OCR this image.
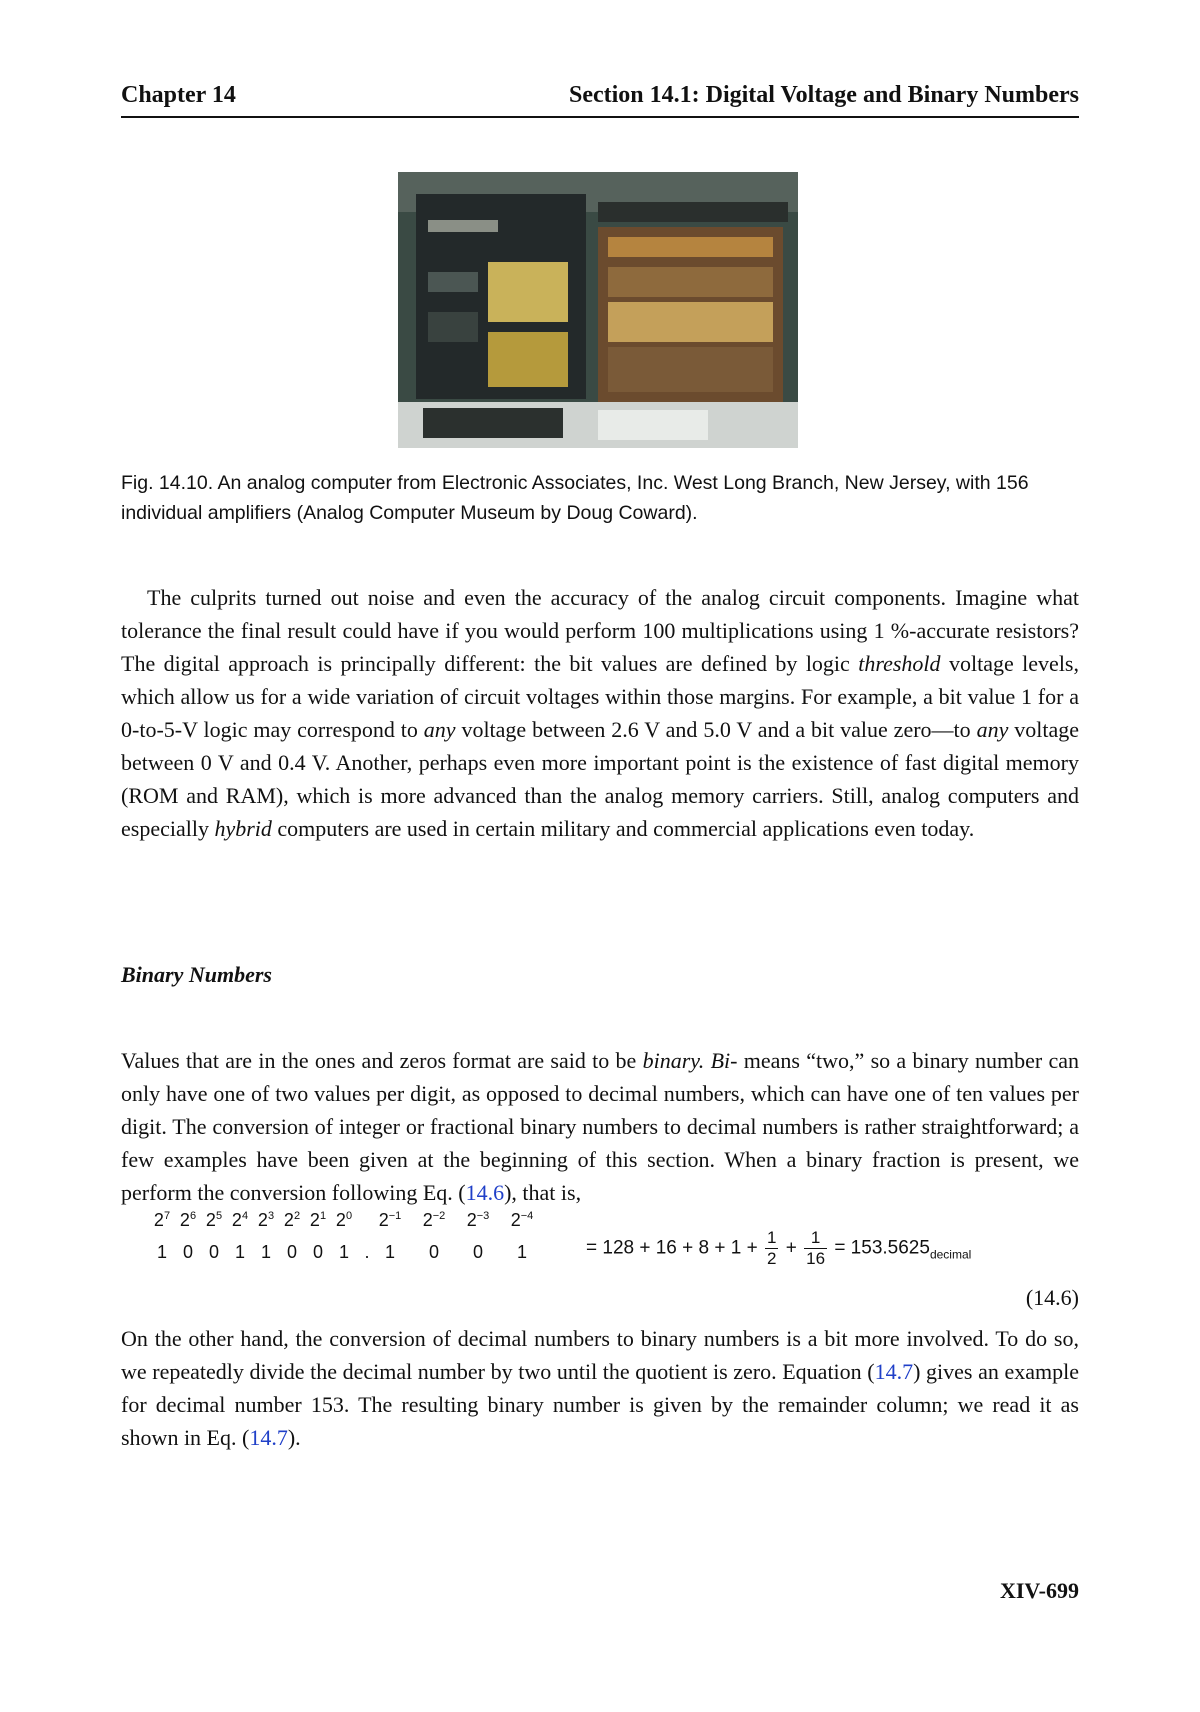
Chapter 14	Section 14.1: Digital Voltage and Binary Numbers
Fig. 14.10. An analog computer from Electronic Associates, Inc. West Long Branch, New Jersey, with 156 individual amplifiers (Analog Computer Museum by Doug Coward).
The culprits turned out noise and even the accuracy of the analog circuit components. Imagine what tolerance the final result could have if you would perform 100 multiplications using 1 %-accurate resistors? The digital approach is principally different: the bit values are defined by logic threshold voltage levels, which allow us for a wide variation of circuit voltages within those margins. For example, a bit value 1 for a 0-to-5-V logic may correspond to any voltage between 2.6 V and 5.0 V and a bit value zero—to any voltage between 0 V and 0.4 V. Another, perhaps even more important point is the existence of fast digital memory (ROM and RAM), which is more advanced than the analog memory carriers. Still, analog computers and especially hybrid computers are used in certain military and commercial applications even today.
Binary Numbers
Values that are in the ones and zeros format are said to be binary. Bi- means “two,” so a binary number can only have one of two values per digit, as opposed to decimal numbers, which can have one of ten values per digit. The conversion of integer or fractional binary numbers to decimal numbers is rather straightforward; a few examples have been given at the beginning of this section. When a binary fraction is present, we perform the conversion following Eq. (14.6), that is,
$2^7$
1
$2^6$
0
$2^5$
0
$2^4$
1
$2^3$
1
$2^2$
0
$2^1$
0
$2^0$
1 .
$2^{-1}$
1
$2^{-2}$
0
$2^{-3}$
0
$2^{-4}$
1	= $128 + 16 + 8 + 1 + \frac{1}{2} + \frac{1}{16} = 153.5625_{decimal}$
(14.6)
On the other hand, the conversion of decimal numbers to binary numbers is a bit more involved. To do so, we repeatedly divide the decimal number by two until the quotient is zero. Equation (14.7) gives an example for decimal number 153. The resulting binary number is given by the remainder column; we read it as shown in Eq. (14.7).
XIV-699
